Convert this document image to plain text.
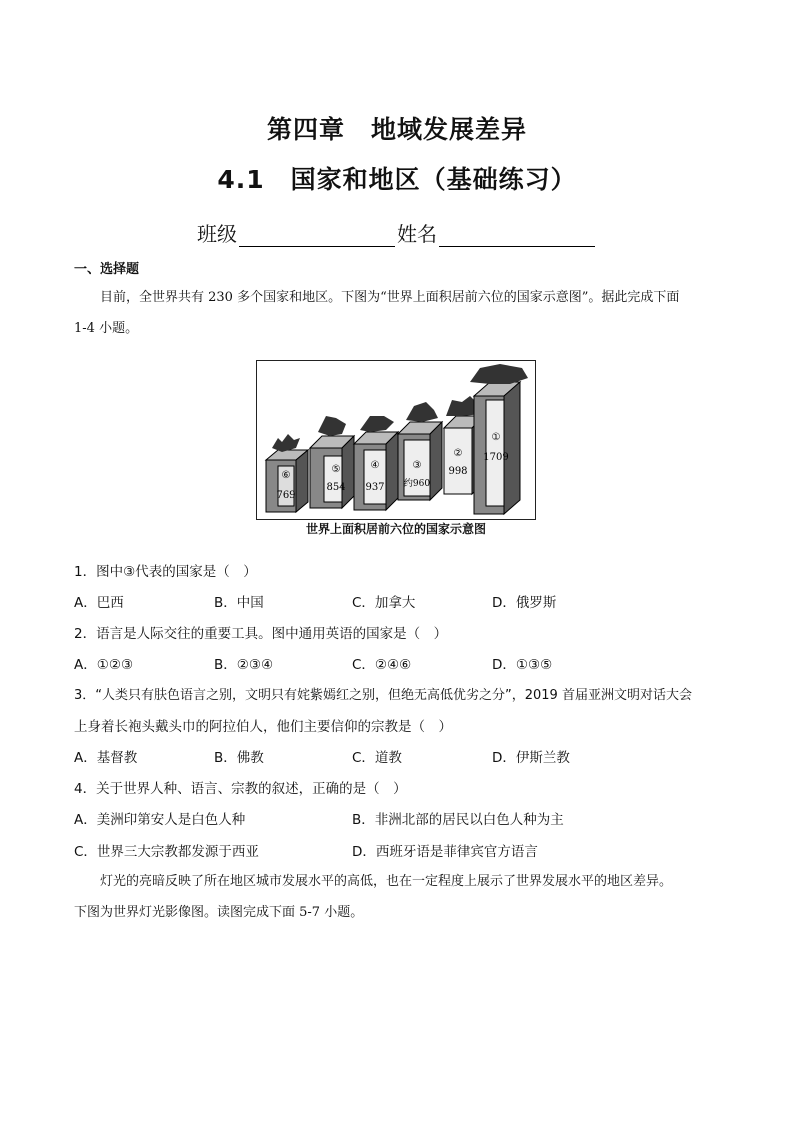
第四章　地域发展差异
4.1　国家和地区（基础练习）
班级	姓名
一、选择题
目前，全世界共有 230 多个国家和地区。下图为“世界上面积居前六位的国家示意图”。据此完成下面
1-4 小题。
⑥
769
⑤
854
④
937
③
约960
②
998
①
1709
世界上面积居前六位的国家示意图
1．图中③代表的国家是（　）
A．巴西	B．中国	C．加拿大	D．俄罗斯
2．语言是人际交往的重要工具。图中通用英语的国家是（　）
A．①②③	B．②③④	C．②④⑥	D．①③⑤
3．“人类只有肤色语言之别，文明只有姹紫嫣红之别，但绝无高低优劣之分”，2019 首届亚洲文明对话大会
上身着长袍头戴头巾的阿拉伯人，他们主要信仰的宗教是（　）
A．基督教	B．佛教	C．道教	D．伊斯兰教
4．关于世界人种、语言、宗教的叙述，正确的是（　）
A．美洲印第安人是白色人种	B．非洲北部的居民以白色人种为主
C．世界三大宗教都发源于西亚	D．西班牙语是菲律宾官方语言
灯光的亮暗反映了所在地区城市发展水平的高低，也在一定程度上展示了世界发展水平的地区差异。
下图为世界灯光影像图。读图完成下面 5-7 小题。
